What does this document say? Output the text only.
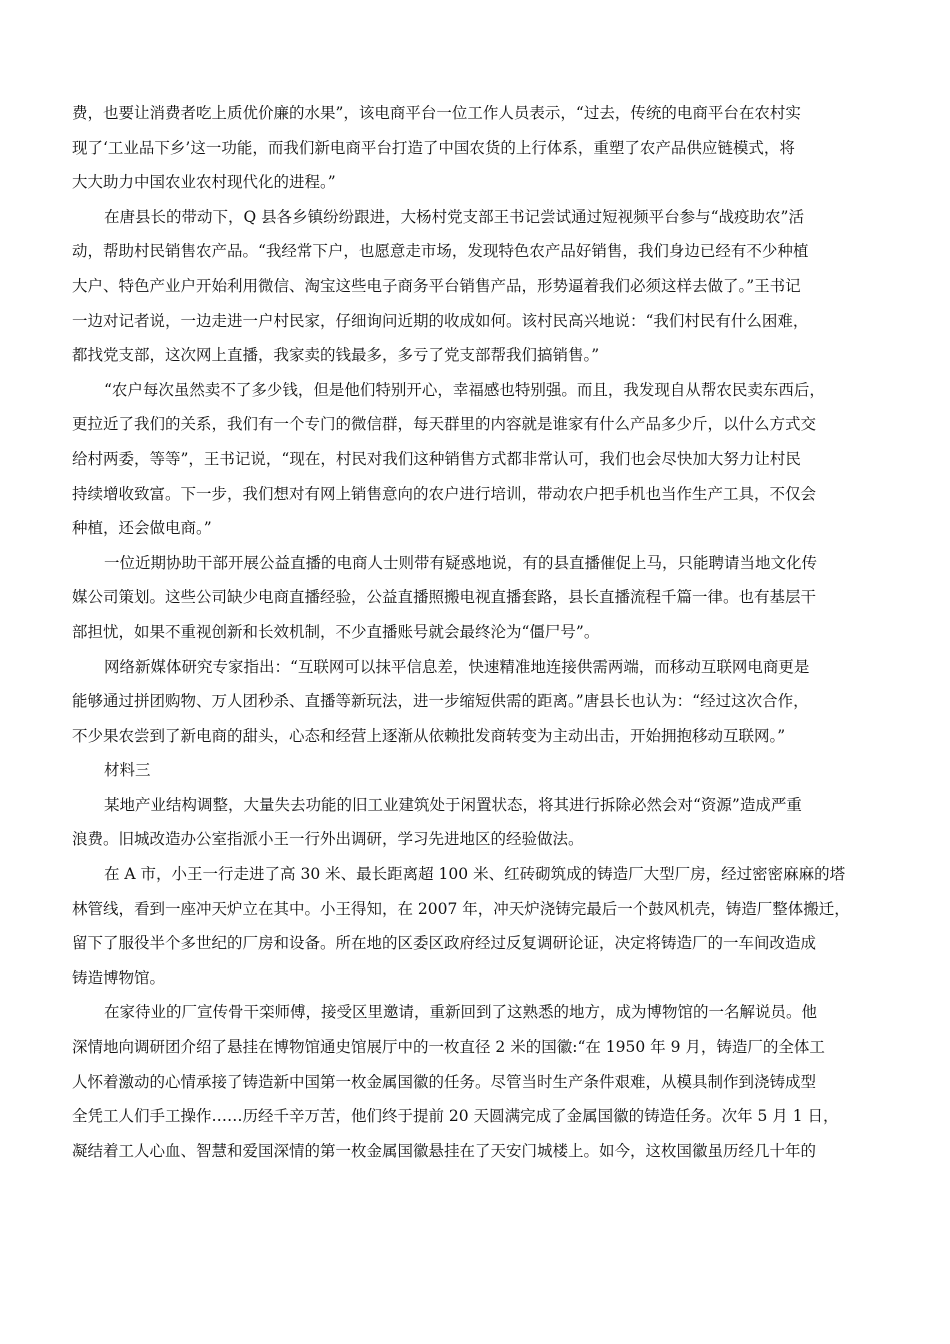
费，也要让消费者吃上质优价廉的水果”，该电商平台一位工作人员表示，“过去，传统的电商平台在农村实
现了‘工业品下乡’这一功能，而我们新电商平台打造了中国农货的上行体系，重塑了农产品供应链模式，将
大大助力中国农业农村现代化的进程。”
在唐县长的带动下，Q 县各乡镇纷纷跟进，大杨村党支部王书记尝试通过短视频平台参与“战疫助农”活
动，帮助村民销售农产品。“我经常下户，也愿意走市场，发现特色农产品好销售，我们身边已经有不少种植
大户、特色产业户开始利用微信、淘宝这些电子商务平台销售产品，形势逼着我们必须这样去做了。”王书记
一边对记者说，一边走进一户村民家，仔细询问近期的收成如何。该村民高兴地说：“我们村民有什么困难，
都找党支部，这次网上直播，我家卖的钱最多，多亏了党支部帮我们搞销售。”
“农户每次虽然卖不了多少钱，但是他们特别开心，幸福感也特别强。而且，我发现自从帮农民卖东西后，
更拉近了我们的关系，我们有一个专门的微信群，每天群里的内容就是谁家有什么产品多少斤，以什么方式交
给村两委，等等”，王书记说，“现在，村民对我们这种销售方式都非常认可，我们也会尽快加大努力让村民
持续增收致富。下一步，我们想对有网上销售意向的农户进行培训，带动农户把手机也当作生产工具，不仅会
种植，还会做电商。”
一位近期协助干部开展公益直播的电商人士则带有疑惑地说，有的县直播催促上马，只能聘请当地文化传
媒公司策划。这些公司缺少电商直播经验，公益直播照搬电视直播套路，县长直播流程千篇一律。也有基层干
部担忧，如果不重视创新和长效机制，不少直播账号就会最终沦为“僵尸号”。
网络新媒体研究专家指出：“互联网可以抹平信息差，快速精准地连接供需两端，而移动互联网电商更是
能够通过拼团购物、万人团秒杀、直播等新玩法，进一步缩短供需的距离。”唐县长也认为：“经过这次合作，
不少果农尝到了新电商的甜头，心态和经营上逐渐从依赖批发商转变为主动出击，开始拥抱移动互联网。”
材料三
某地产业结构调整，大量失去功能的旧工业建筑处于闲置状态，将其进行拆除必然会对“资源”造成严重
浪费。旧城改造办公室指派小王一行外出调研，学习先进地区的经验做法。
在 A 市，小王一行走进了高 30 米、最长距离超 100 米、红砖砌筑成的铸造厂大型厂房，经过密密麻麻的塔
林管线，看到一座冲天炉立在其中。小王得知，在 2007 年，冲天炉浇铸完最后一个鼓风机壳，铸造厂整体搬迁，
留下了服役半个多世纪的厂房和设备。所在地的区委区政府经过反复调研论证，决定将铸造厂的一车间改造成
铸造博物馆。
在家待业的厂宣传骨干栾师傅，接受区里邀请，重新回到了这熟悉的地方，成为博物馆的一名解说员。他
深情地向调研团介绍了悬挂在博物馆通史馆展厅中的一枚直径 2 米的国徽:“在 1950 年 9 月，铸造厂的全体工
人怀着激动的心情承接了铸造新中国第一枚金属国徽的任务。尽管当时生产条件艰难，从模具制作到浇铸成型
全凭工人们手工操作……历经千辛万苦，他们终于提前 20 天圆满完成了金属国徽的铸造任务。次年 5 月 1 日，
凝结着工人心血、智慧和爱国深情的第一枚金属国徽悬挂在了天安门城楼上。如今，这枚国徽虽历经几十年的
